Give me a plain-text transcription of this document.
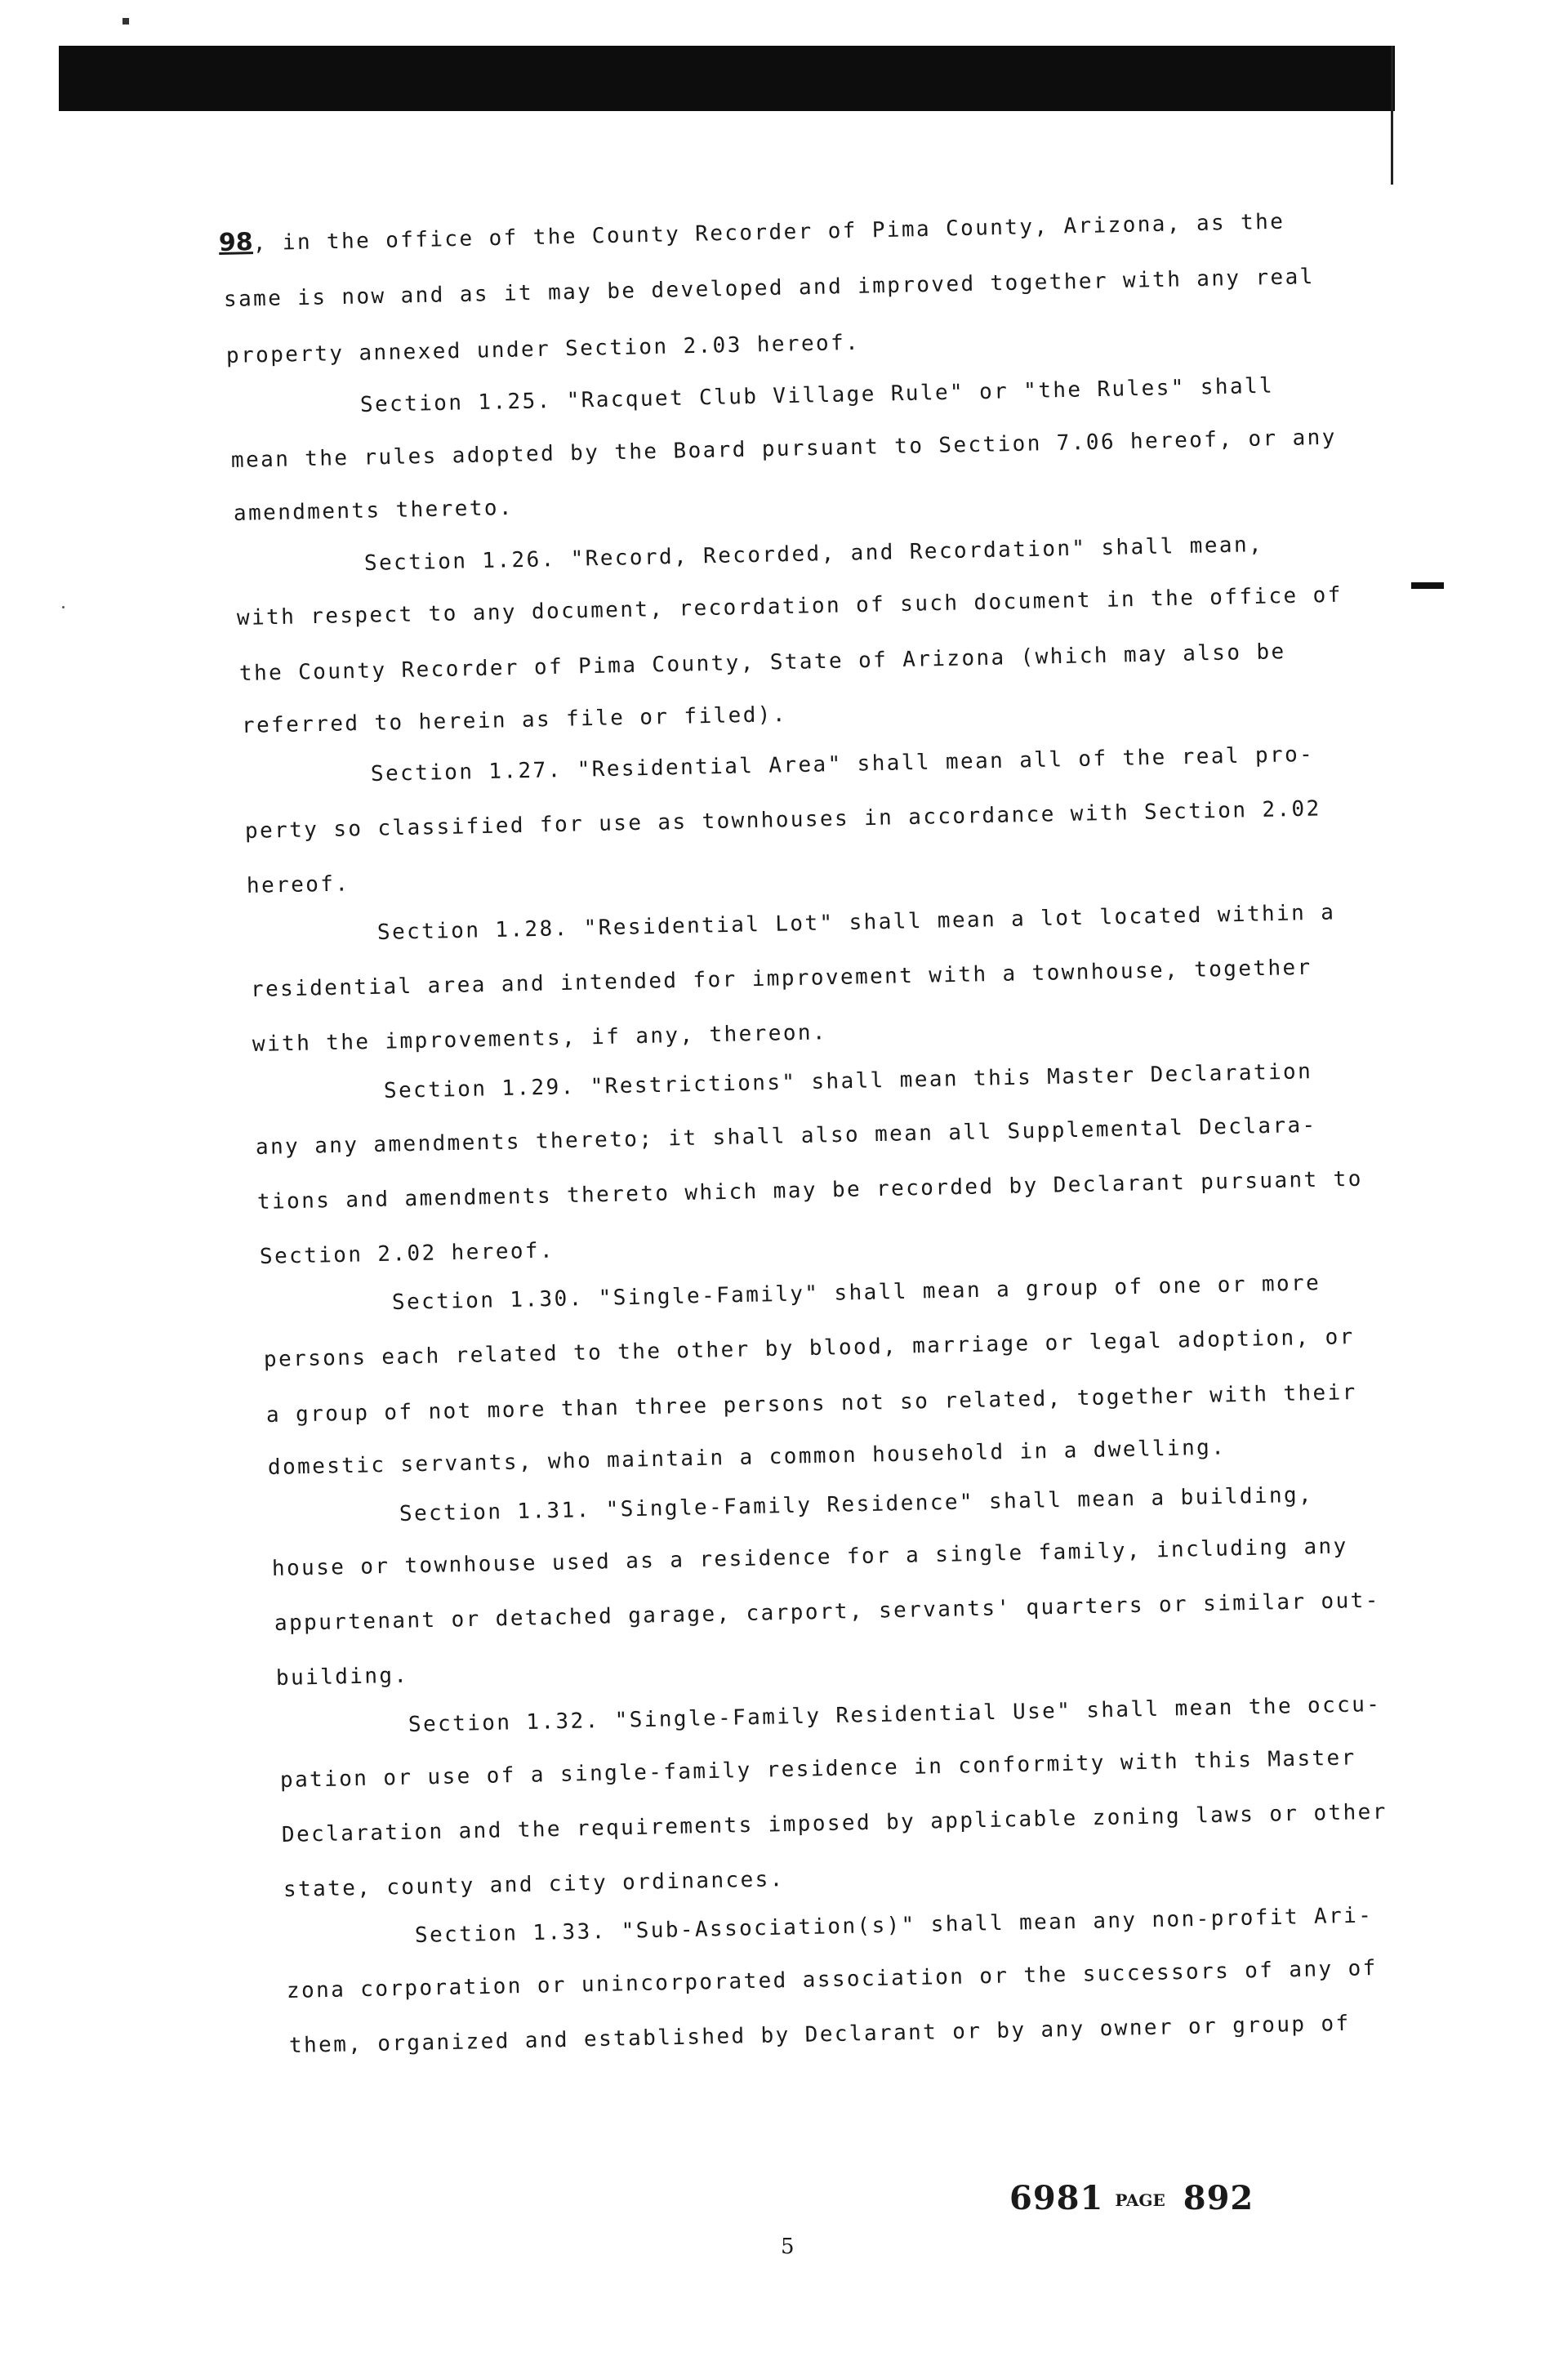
98, in the office of the County Recorder of Pima County, Arizona, as the
same is now and as it may be developed and improved together with any real
property annexed under Section 2.03 hereof.
Section 1.25. "Racquet Club Village Rule" or "the Rules" shall
mean the rules adopted by the Board pursuant to Section 7.06 hereof, or any
amendments thereto.
Section 1.26. "Record, Recorded, and Recordation" shall mean,
with respect to any document, recordation of such document in the office of
the County Recorder of Pima County, State of Arizona (which may also be
referred to herein as file or filed).
Section 1.27. "Residential Area" shall mean all of the real pro-
perty so classified for use as townhouses in accordance with Section 2.02
hereof.
Section 1.28. "Residential Lot" shall mean a lot located within a
residential area and intended for improvement with a townhouse, together
with the improvements, if any, thereon.
Section 1.29. "Restrictions" shall mean this Master Declaration
any any amendments thereto; it shall also mean all Supplemental Declara-
tions and amendments thereto which may be recorded by Declarant pursuant to
Section 2.02 hereof.
Section 1.30. "Single-Family" shall mean a group of one or more
persons each related to the other by blood, marriage or legal adoption, or
a group of not more than three persons not so related, together with their
domestic servants, who maintain a common household in a dwelling.
Section 1.31. "Single-Family Residence" shall mean a building,
house or townhouse used as a residence for a single family, including any
appurtenant or detached garage, carport, servants' quarters or similar out-
building.
Section 1.32. "Single-Family Residential Use" shall mean the occu-
pation or use of a single-family residence in conformity with this Master
Declaration and the requirements imposed by applicable zoning laws or other
state, county and city ordinances.
Section 1.33. "Sub-Association(s)" shall mean any non-profit Ari-
zona corporation or unincorporated association or the successors of any of
them, organized and established by Declarant or by any owner or group of
6981 PAGE 892
5
